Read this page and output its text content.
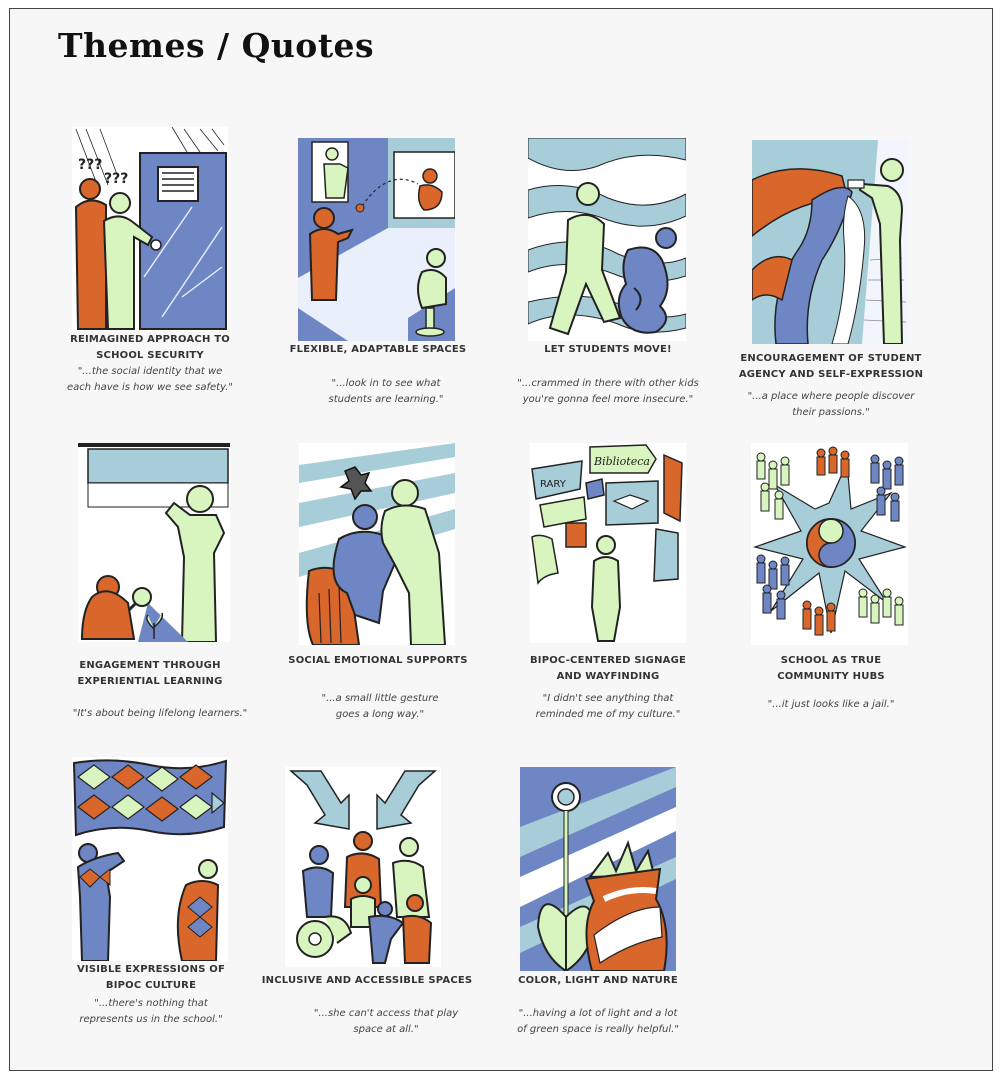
Themes / Quotes
???
???
REIMAGINED APPROACH TO
SCHOOL SECURITY
"...the social identity that we
each have is how we see safety."
FLEXIBLE, ADAPTABLE SPACES
"...look in to see what
students are learning."
LET STUDENTS MOVE!
"...crammed in there with other kids
you're gonna feel more insecure."
ENCOURAGEMENT OF STUDENT
AGENCY AND SELF-EXPRESSION
"...a place where people discover
their passions."
ENGAGEMENT THROUGH
EXPERIENTIAL LEARNING
"It's about being lifelong learners."
SOCIAL EMOTIONAL SUPPORTS
"...a small little gesture
goes a long way."
RARY
Biblioteca
BIPOC-CENTERED SIGNAGE
AND WAYFINDING
"I didn't see anything that
reminded me of my culture."
SCHOOL AS TRUE
COMMUNITY HUBS
"...it just looks like a jail."
VISIBLE EXPRESSIONS OF
BIPOC CULTURE
"...there's nothing that
represents us in the school."
INCLUSIVE AND ACCESSIBLE SPACES
"...she can't access that play
space at all."
COLOR, LIGHT AND NATURE
"...having a lot of light and a lot
of green space is really helpful."
